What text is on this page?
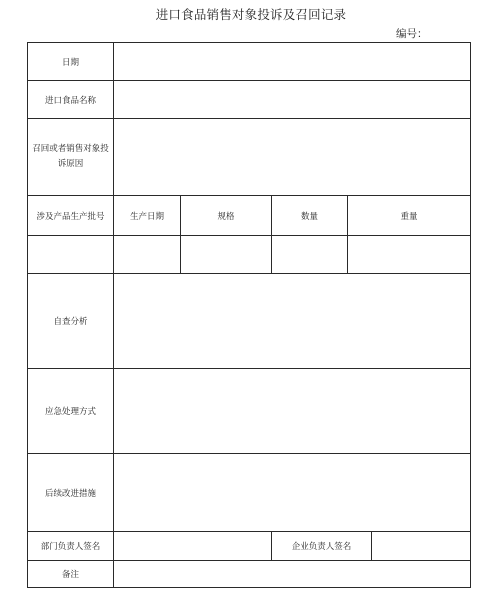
进口食品销售对象投诉及召回记录
编号：
日期					
进口食品名称					
召回或者销售对象投诉原因					
涉及产品生产批号	生产日期	规格	数量	重量	

自查分析					
应急处理方式					
后续改进措施					
部门负责人签名			企业负责人签名		
备注					
